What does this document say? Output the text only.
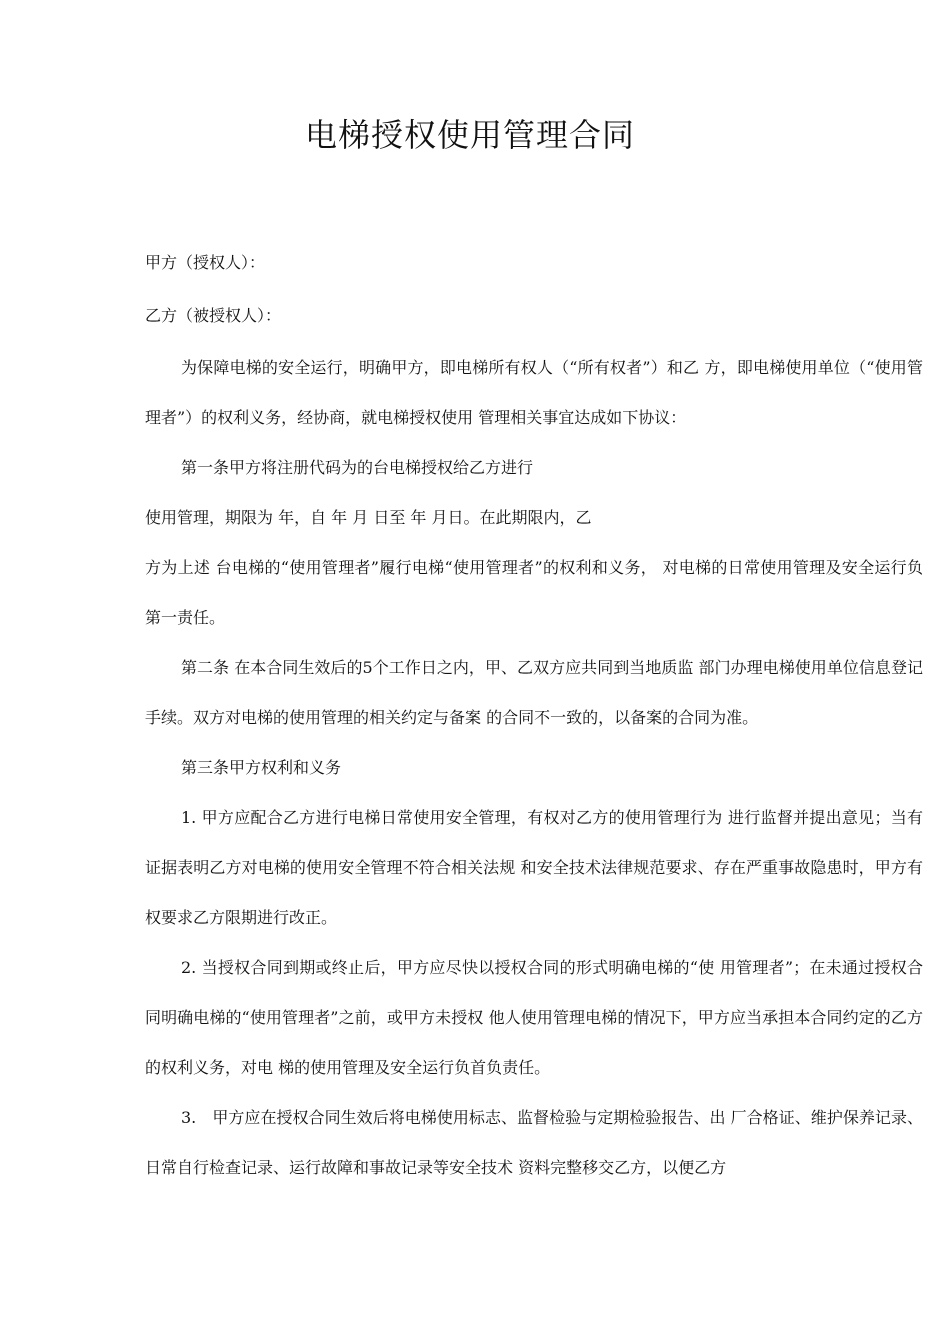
电梯授权使用管理合同

甲方（授权人）：

乙方（被授权人）：

为保障电梯的安全运行，明确甲方，即电梯所有权人（“所有权者”）和乙 方，即电梯使用单位（“使用管理者”）的权利义务，经协商，就电梯授权使用 管理相关事宜达成如下协议：

第一条甲方将注册代码为的台电梯授权给乙方进行

使用管理，期限为 年，自 年 月 日至 年 月日。在此期限内，乙

方为上述 台电梯的“使用管理者”履行电梯“使用管理者”的权利和义务， 对电梯的日常使用管理及安全运行负第一责任。

第二条 在本合同生效后的5个工作日之内，甲、乙双方应共同到当地质监 部门办理电梯使用单位信息登记手续。双方对电梯的使用管理的相关约定与备案 的合同不一致的，以备案的合同为准。

第三条甲方权利和义务

1. 甲方应配合乙方进行电梯日常使用安全管理，有权对乙方的使用管理行为 进行监督并提出意见；当有证据表明乙方对电梯的使用安全管理不符合相关法规 和安全技术法律规范要求、存在严重事故隐患时，甲方有权要求乙方限期进行改正。

2. 当授权合同到期或终止后，甲方应尽快以授权合同的形式明确电梯的“使 用管理者”；在未通过授权合同明确电梯的“使用管理者”之前，或甲方未授权 他人使用管理电梯的情况下，甲方应当承担本合同约定的乙方的权利义务，对电 梯的使用管理及安全运行负首负责任。

3.　甲方应在授权合同生效后将电梯使用标志、监督检验与定期检验报告、出 厂合格证、维护保养记录、日常自行检查记录、运行故障和事故记录等安全技术 资料完整移交乙方，以便乙方
